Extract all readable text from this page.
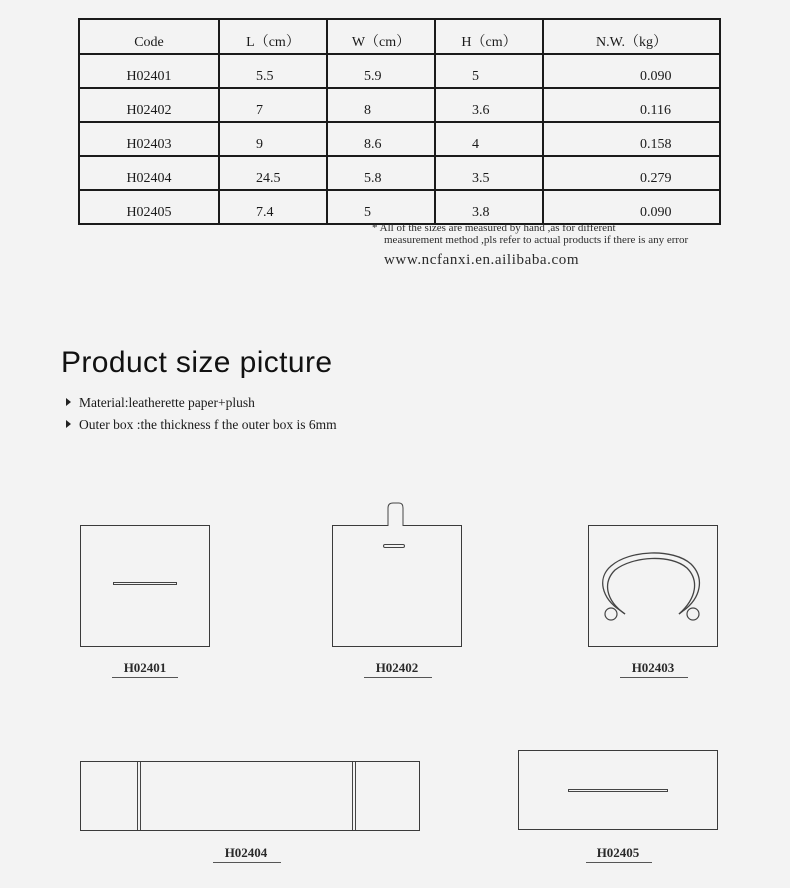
Code	L（cm）	W（cm）	H（cm）	N.W.（kg）
H02401	5.5	5.9	5	0.090
H02402	7	8	3.6	0.116
H02403	9	8.6	4	0.158
H02404	24.5	5.8	3.5	0.279
H02405	7.4	5	3.8	0.090
* All of the sizes are measured by hand ,as for different
measurement method ,pls refer to actual products if there is any error
www.ncfanxi.en.ailibaba.com
Product size picture
Material:leatherette paper+plush
Outer box :the thickness f the outer box is 6mm
H02401	H02402	H02403
H02404	H02405
